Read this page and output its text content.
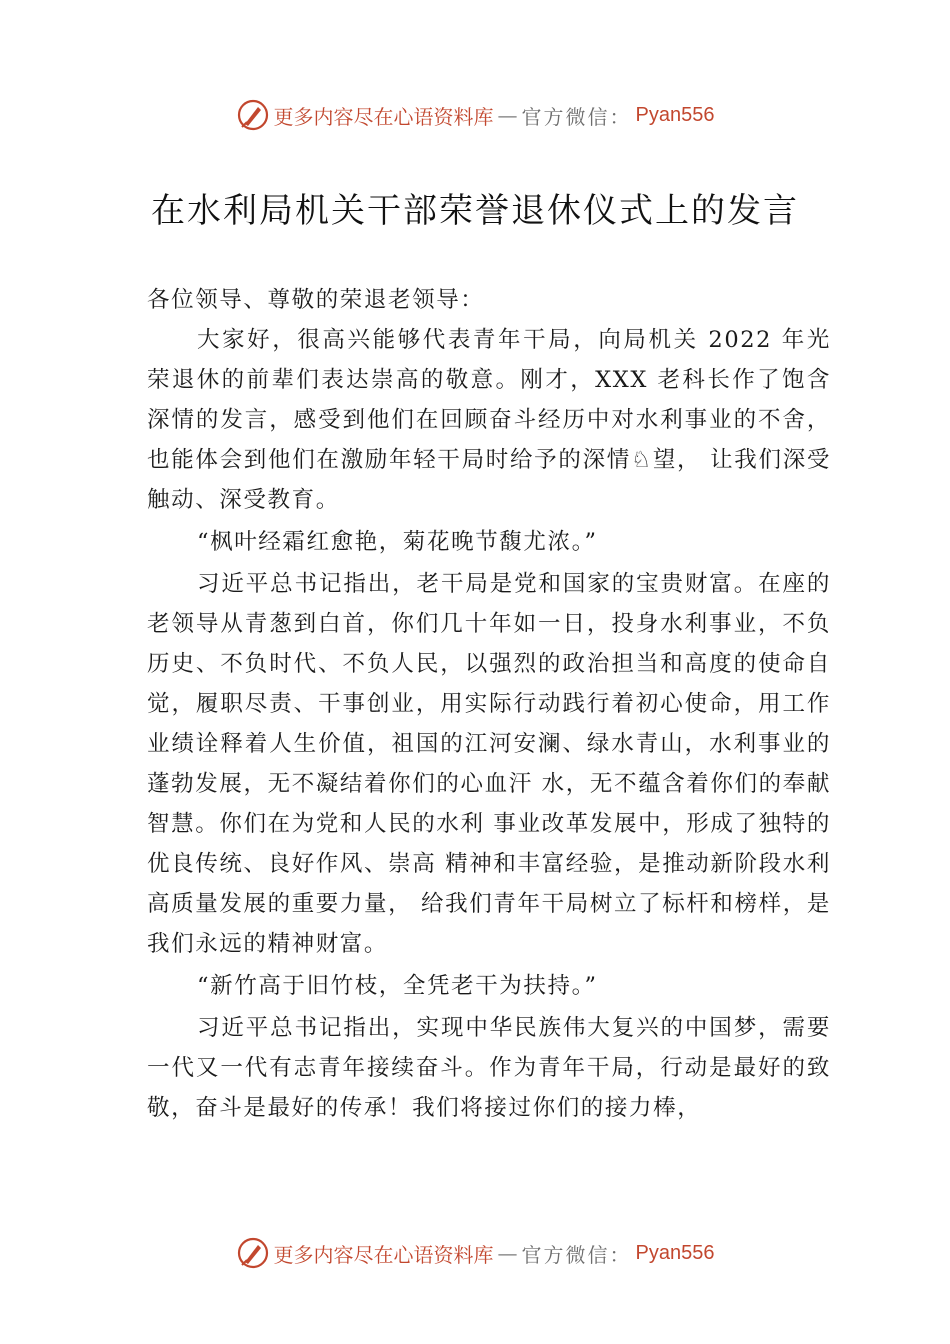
更多内容尽在心语资料库 — 官方微信： Pyan556
在水利局机关干部荣誉退休仪式上的发言

各位领导、尊敬的荣退老领导：

大家好，很高兴能够代表青年干局，向局机关 2022 年光荣退休的前辈们表达崇高的敬意。刚才，XXX 老科长作了饱含深情的发言，感受到他们在回顾奋斗经历中对水利事业的不舍，也能体会到他们在激励年轻干局时给予的深情♘望， 让我们深受触动、深受教育。

“枫叶经霜红愈艳，菊花晚节馥尤浓。”

习近平总书记指出，老干局是党和国家的宝贵财富。在座的老领导从青葱到白首，你们几十年如一日，投身水利事业，不负历史、不负时代、不负人民，以强烈的政治担当和高度的使命自觉，履职尽责、干事创业，用实际行动践行着初心使命，用工作业绩诠释着人生价值，祖国的江河安澜、绿水青山，水利事业的蓬勃发展，无不凝结着你们的心血汗 水，无不蕴含着你们的奉献智慧。你们在为党和人民的水利 事业改革发展中，形成了独特的优良传统、良好作风、崇高 精神和丰富经验，是推动新阶段水利高质量发展的重要力量， 给我们青年干局树立了标杆和榜样，是我们永远的精神财富。

“新竹高于旧竹枝，全凭老干为扶持。”

习近平总书记指出，实现中华民族伟大复兴的中国梦，需要一代又一代有志青年接续奋斗。作为青年干局，行动是最好的致敬，奋斗是最好的传承！我们将接过你们的接力棒，

更多内容尽在心语资料库 — 官方微信： Pyan556
